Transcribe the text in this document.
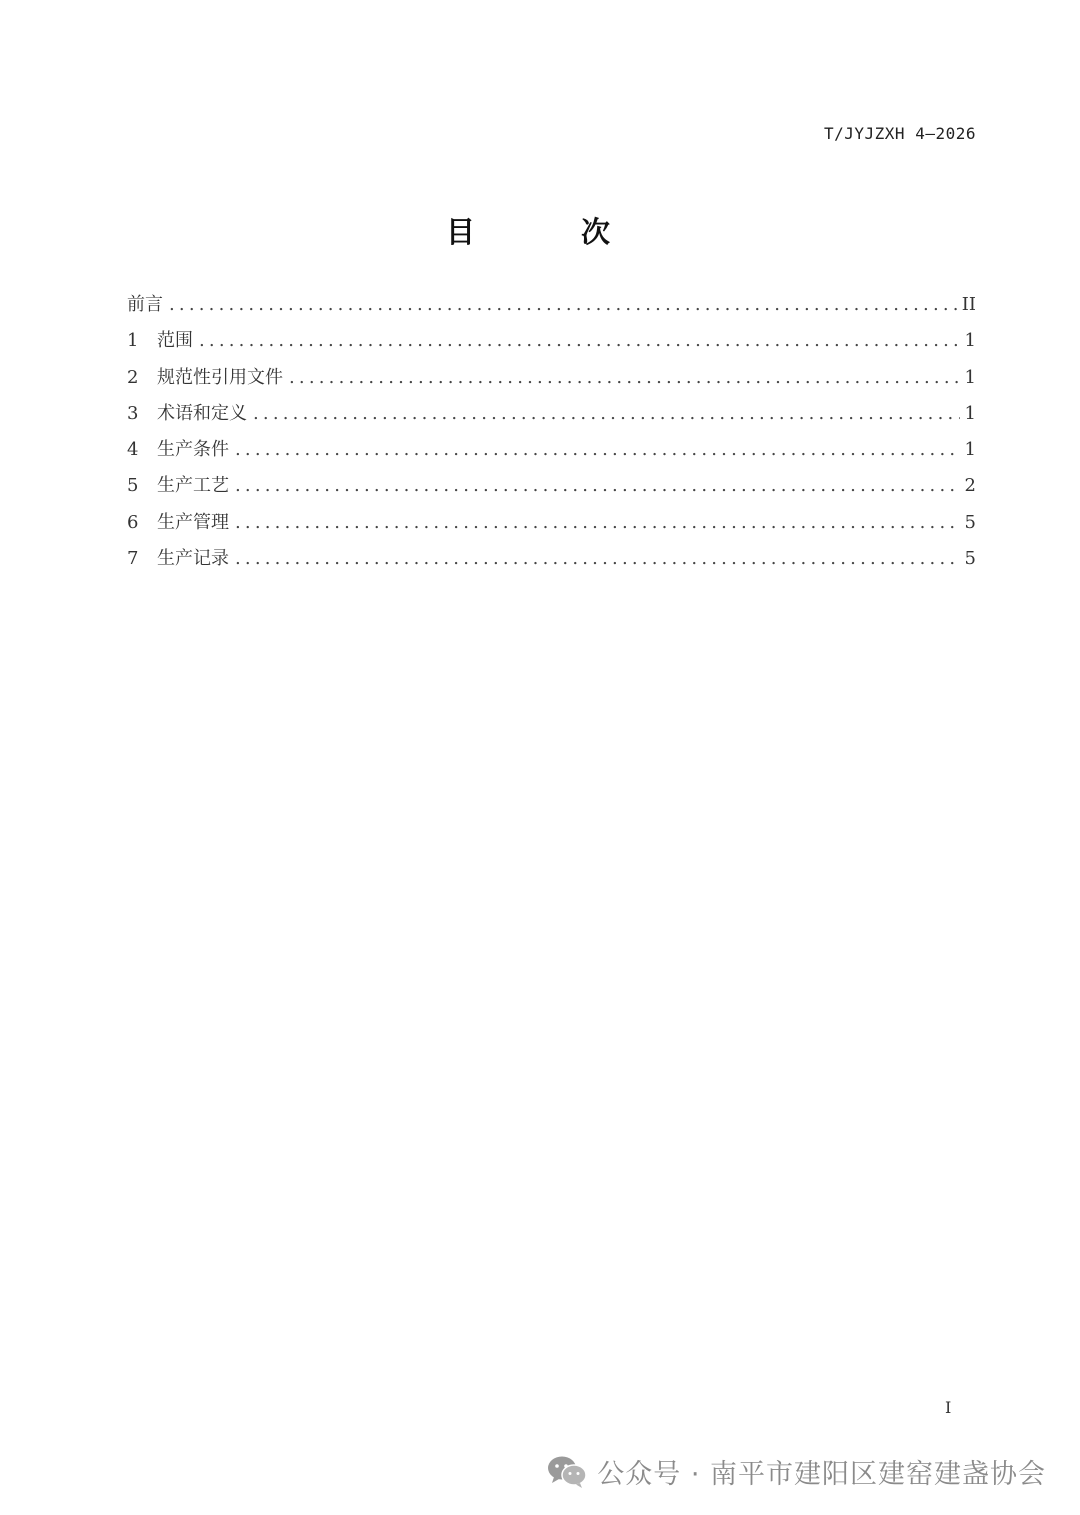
T/JYJZXH 4—2026
目 次
前言 .....	II
1	范围 .....	1
2	规范性引用文件 .....	1
3	术语和定义 .....	1
4	生产条件 .....	1
5	生产工艺 .....	2
6	生产管理 .....	5
7	生产记录 .....	5
I
公众号 · 南平市建阳区建窑建盏协会
